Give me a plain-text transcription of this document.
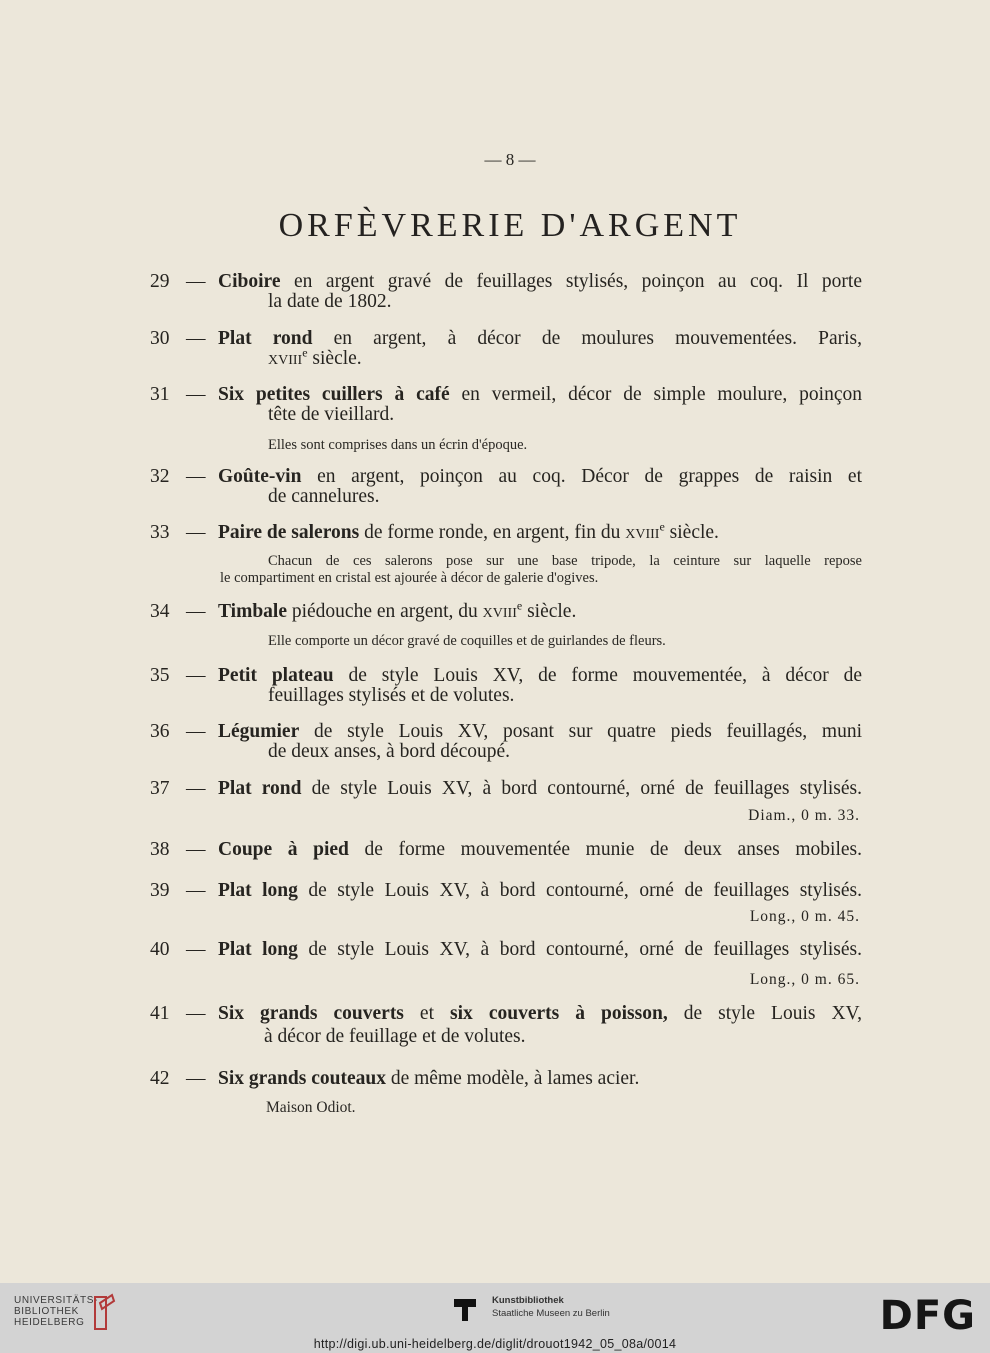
— 8 —
ORFÈVRERIE D'ARGENT
29 — Ciboire en argent gravé de feuillages stylisés, poinçon au coq. Il porte
la date de 1802.
30 — Plat rond en argent, à décor de moulures mouvementées. Paris,
xviii$^e$ siècle.
31 — Six petites cuillers à café en vermeil, décor de simple moulure, poinçon
tête de vieillard.
Elles sont comprises dans un écrin d'époque.
32 — Goûte-vin en argent, poinçon au coq. Décor de grappes de raisin et
de cannelures.
33 — Paire de salerons de forme ronde, en argent, fin du xviii$^e$ siècle.
Chacun de ces salerons pose sur une base tripode, la ceinture sur laquelle repose
le compartiment en cristal est ajourée à décor de galerie d'ogives.
34 — Timbale piédouche en argent, du xviii$^e$ siècle.
Elle comporte un décor gravé de coquilles et de guirlandes de fleurs.
35 — Petit plateau de style Louis XV, de forme mouvementée, à décor de
feuillages stylisés et de volutes.
36 — Légumier de style Louis XV, posant sur quatre pieds feuillagés, muni
de deux anses, à bord découpé.
37 — Plat rond de style Louis XV, à bord contourné, orné de feuillages stylisés.
Diam., 0 m. 33.
38 — Coupe à pied de forme mouvementée munie de deux anses mobiles.
39 — Plat long de style Louis XV, à bord contourné, orné de feuillages stylisés.
Long., 0 m. 45.
40 — Plat long de style Louis XV, à bord contourné, orné de feuillages stylisés.
Long., 0 m. 65.
41 — Six grands couverts et six couverts à poisson, de style Louis XV,
à décor de feuillage et de volutes.
42 — Six grands couteaux de même modèle, à lames acier.
Maison Odiot.
UNIVERSITÄTS-
BIBLIOTHEK
HEIDELBERG
Kunstbibliothek
Staatliche Museen zu Berlin	DFG
http://digi.ub.uni-heidelberg.de/diglit/drouot1942_05_08a/0014
